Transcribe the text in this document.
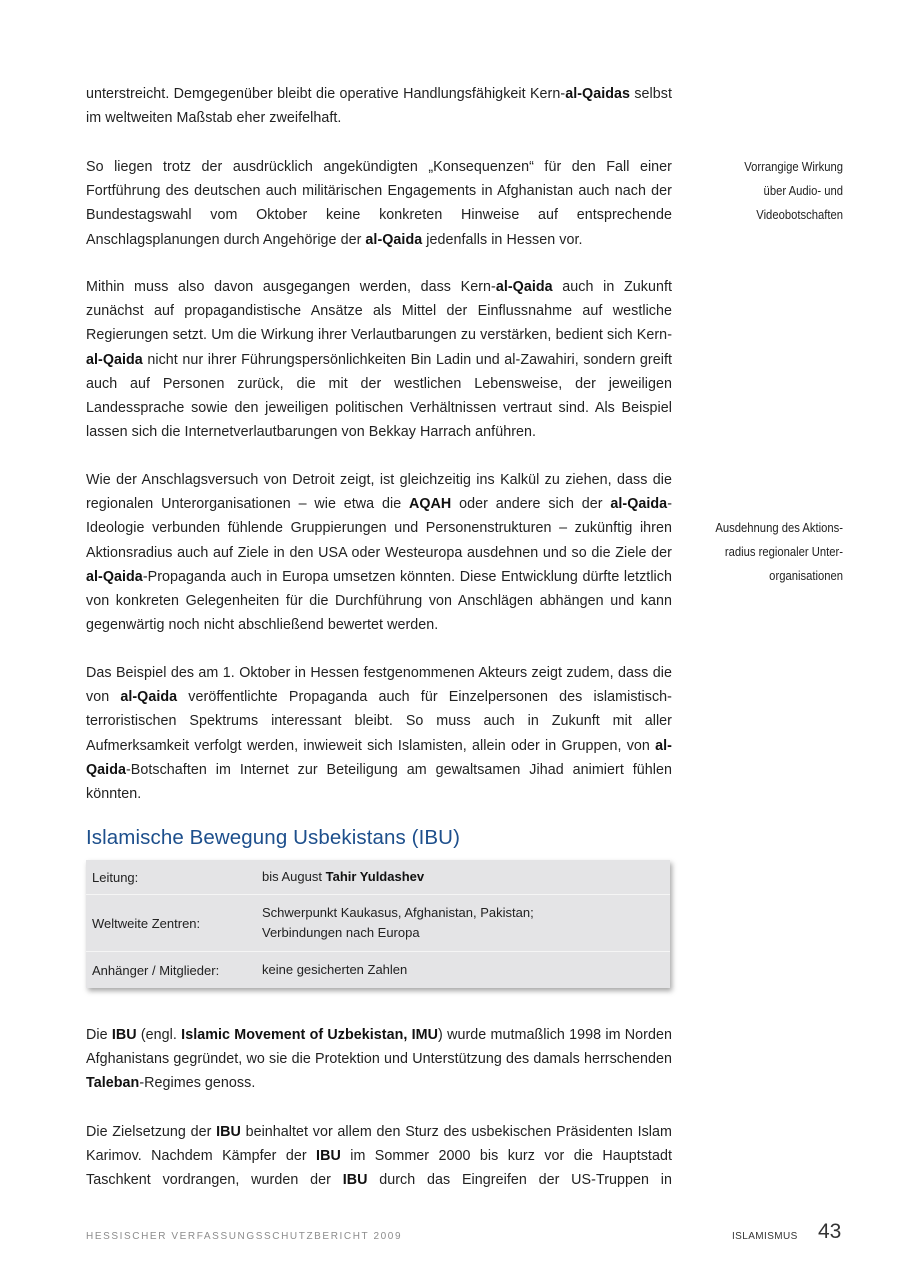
unterstreicht. Demgegenüber bleibt die operative Handlungsfähigkeit Kern-al-Qaidas selbst im weltweiten Maßstab eher zweifelhaft.

So liegen trotz der ausdrücklich angekündigten „Konsequenzen“ für den Fall einer Fortführung des deutschen auch militärischen Engagements in Afghanistan auch nach der Bundestagswahl vom Oktober keine konkreten Hinweise auf entsprechende Anschlagsplanungen durch Angehörige der al-Qaida jedenfalls in Hessen vor.

Mithin muss also davon ausgegangen werden, dass Kern-al-Qaida auch in Zukunft zunächst auf propagandistische Ansätze als Mittel der Einflussnahme auf westliche Regierungen setzt. Um die Wirkung ihrer Verlautbarungen zu verstärken, bedient sich Kern-al-Qaida nicht nur ihrer Führungspersönlichkeiten Bin Ladin und al-Zawahiri, sondern greift auch auf Personen zurück, die mit der westlichen Lebensweise, der jeweiligen Landessprache sowie den jeweiligen politischen Verhältnissen vertraut sind. Als Beispiel lassen sich die Internetverlautbarungen von Bekkay Harrach anführen.

Wie der Anschlagsversuch von Detroit zeigt, ist gleichzeitig ins Kalkül zu ziehen, dass die regionalen Unterorganisationen – wie etwa die AQAH oder andere sich der al-Qaida-Ideologie verbunden fühlende Gruppierungen und Personenstrukturen – zukünftig ihren Aktionsradius auch auf Ziele in den USA oder Westeuropa ausdehnen und so die Ziele der al-Qaida-Propaganda auch in Europa umsetzen könnten. Diese Entwicklung dürfte letztlich von konkreten Gelegenheiten für die Durchführung von Anschlägen abhängen und kann gegenwärtig noch nicht abschließend bewertet werden.

Das Beispiel des am 1. Oktober in Hessen festgenommenen Akteurs zeigt zudem, dass die von al-Qaida veröffentlichte Propaganda auch für Einzelpersonen des islamistisch-terroristischen Spektrums interessant bleibt. So muss auch in Zukunft mit aller Aufmerksamkeit verfolgt werden, inwieweit sich Islamisten, allein oder in Gruppen, von al-Qaida-Botschaften im Internet zur Beteiligung am gewaltsamen Jihad animiert fühlen könnten.

Vorrangige Wirkung
über Audio- und
Videobotschaften
Ausdehnung des Aktions-
radius regionaler Unter-
organisationen
Islamische Bewegung Usbekistans (IBU)
Leitung:	bis August Tahir Yuldashev
Weltweite Zentren:
Schwerpunkt Kaukasus, Afghanistan, Pakistan;
Verbindungen nach Europa
Anhänger / Mitglieder:	keine gesicherten Zahlen

Die IBU (engl. Islamic Movement of Uzbekistan, IMU) wurde mutmaßlich 1998 im Norden Afghanistans gegründet, wo sie die Protektion und Unterstützung des damals herrschenden Taleban-Regimes genoss.

Die Zielsetzung der IBU beinhaltet vor allem den Sturz des usbekischen Präsidenten Islam Karimov. Nachdem Kämpfer der IBU im Sommer 2000 bis kurz vor die Hauptstadt Taschkent vordrangen, wurden der IBU durch das Eingreifen der US-Truppen in

HESSISCHER VERFASSUNGSSCHUTZBERICHT 2009	ISLAMISMUS 43
